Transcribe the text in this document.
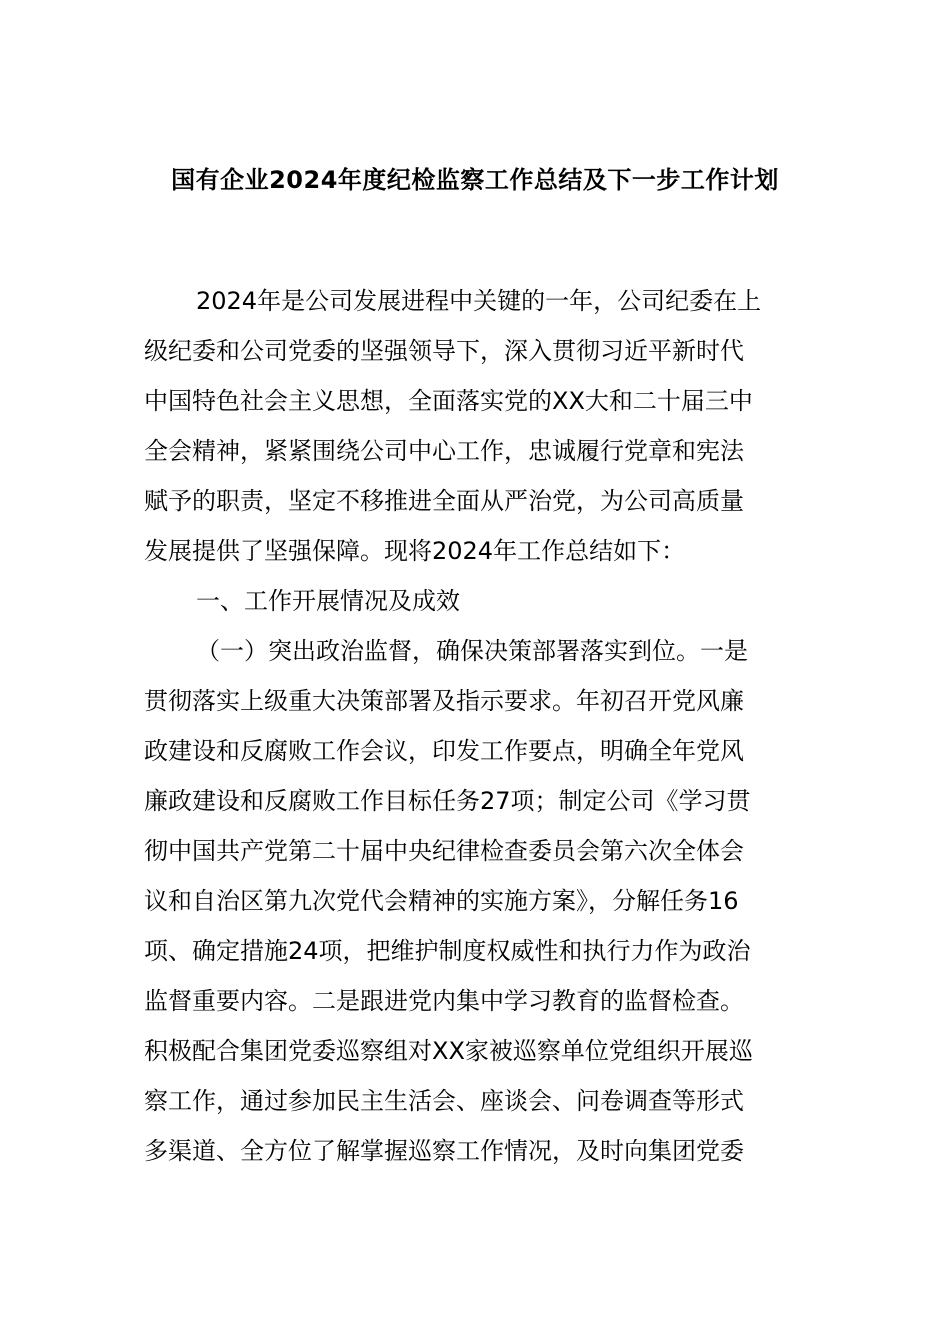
国有企业2024年度纪检监察工作总结及下一步工作计划
2024年是公司发展进程中关键的一年，公司纪委在上
级纪委和公司党委的坚强领导下，深入贯彻习近平新时代
中国特色社会主义思想，全面落实党的XX大和二十届三中
全会精神，紧紧围绕公司中心工作，忠诚履行党章和宪法
赋予的职责，坚定不移推进全面从严治党，为公司高质量
发展提供了坚强保障。现将2024年工作总结如下：
一、工作开展情况及成效
（一）突出政治监督，确保决策部署落实到位。一是
贯彻落实上级重大决策部署及指示要求。年初召开党风廉
政建设和反腐败工作会议，印发工作要点，明确全年党风
廉政建设和反腐败工作目标任务27项；制定公司《学习贯
彻中国共产党第二十届中央纪律检查委员会第六次全体会
议和自治区第九次党代会精神的实施方案》，分解任务16
项、确定措施24项，把维护制度权威性和执行力作为政治
监督重要内容。二是跟进党内集中学习教育的监督检查。
积极配合集团党委巡察组对XX家被巡察单位党组织开展巡
察工作，通过参加民主生活会、座谈会、问卷调查等形式
多渠道、全方位了解掌握巡察工作情况，及时向集团党委
